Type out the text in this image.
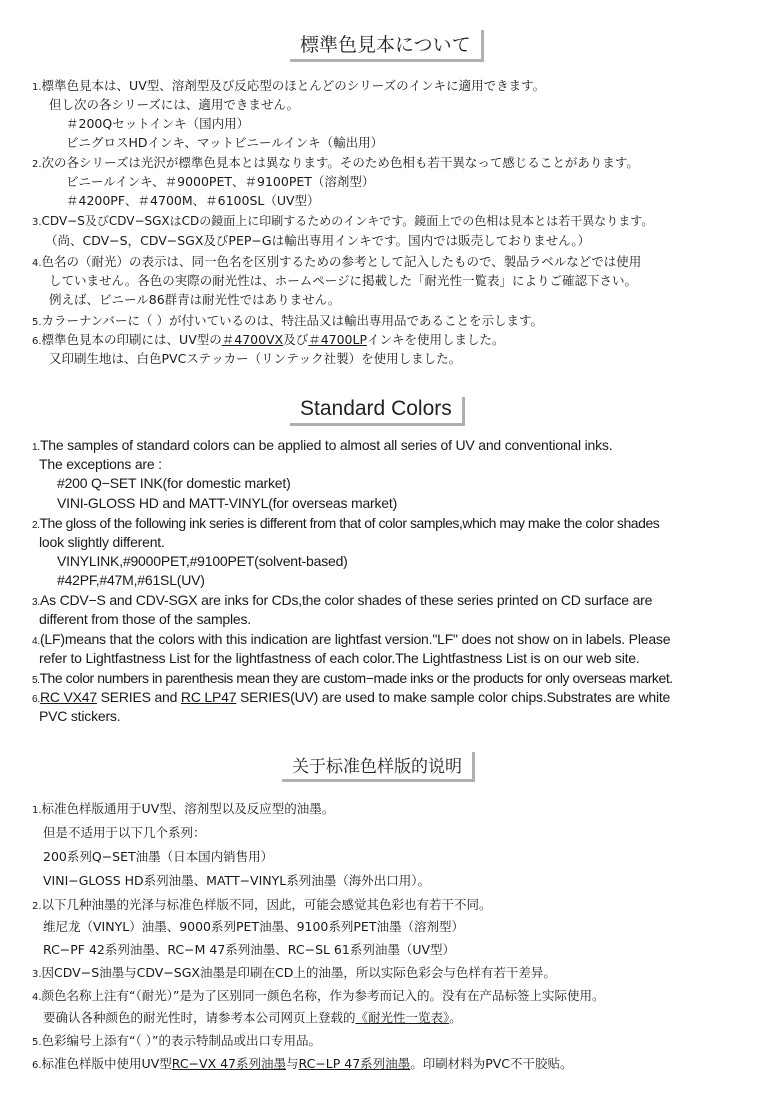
標準色見本について
1.標準色見本は、UV型、溶剤型及び反応型のほとんどのシリーズのインキに適用できます。
但し次の各シリーズには、適用できません。
＃200Qセットインキ（国内用）
ビニグロスHDインキ、マットビニールインキ（輸出用）
2.次の各シリーズは光沢が標準色見本とは異なります。そのため色相も若干異なって感じることがあります。
ビニールインキ、＃9000PET、＃9100PET（溶剤型）
＃4200PF、＃4700M、＃6100SL（UV型）
3.CDV−S及びCDV−SGXはCDの鏡面上に印刷するためのインキです。鏡面上での色相は見本とは若干異なります。
（尚、CDV−S，CDV−SGX及びPEP−Gは輸出専用インキです。国内では販売しておりません。）
4.色名の（耐光）の表示は、同一色名を区別するための参考として記入したもので、製品ラベルなどでは使用
していません。各色の実際の耐光性は、ホームページに掲載した「耐光性一覧表」によりご確認下さい。
例えば、ビニール86群青は耐光性ではありません。
5.カラーナンバーに（ ）が付いているのは、特注品又は輸出専用品であることを示します。
6.標準色見本の印刷には、UV型の＃4700VX及び＃4700LPインキを使用しました。
又印刷生地は、白色PVCステッカー（リンテック社製）を使用しました。
Standard Colors
1.The samples of standard colors can be applied to almost all series of UV and conventional inks.
The exceptions are :
#200 Q−SET INK(for domestic market)
VINI-GLOSS HD and MATT-VINYL(for overseas market)
2.The gloss of the following ink series is different from that of color samples,which may make the color shades
look slightly different.
VINYLINK,#9000PET,#9100PET(solvent-based)
#42PF,#47M,#61SL(UV)
3.As CDV−S and CDV-SGX are inks for CDs,the color shades of these series printed on CD surface are
different from those of the samples.
4.(LF)means that the colors with this indication are lightfast version."LF" does not show on in labels. Please
refer to Lightfastness List for the lightfastness of each color.The Lightfastness List is on our web site.
5.The color numbers in parenthesis mean they are custom−made inks or the products for only overseas market.
6.RC VX47 SERIES and RC LP47 SERIES(UV) are used to make sample color chips.Substrates are white
PVC stickers.
关于标准色样版的说明
1.标准色样版通用于UV型、溶剂型以及反应型的油墨。
但是不适用于以下几个系列：
200系列Q−SET油墨（日本国内销售用）
VINI−GLOSS HD系列油墨、MATT−VINYL系列油墨（海外出口用）。
2.以下几种油墨的光泽与标准色样版不同，因此，可能会感觉其色彩也有若干不同。
维尼龙（VINYL）油墨、9000系列PET油墨、9100系列PET油墨（溶剂型）
RC−PF 42系列油墨、RC−M 47系列油墨、RC−SL 61系列油墨（UV型）
3.因CDV−S油墨与CDV−SGX油墨是印刷在CD上的油墨，所以实际色彩会与色样有若干差异。
4.颜色名称上注有“（耐光）”是为了区别同一颜色名称，作为参考而记入的。没有在产品标签上实际使用。
要确认各种颜色的耐光性时，请参考本公司网页上登载的《耐光性一览表》。
5.色彩编号上添有“（ ）”的表示特制品或出口专用品。
6.标准色样版中使用UV型RC−VX 47系列油墨与RC−LP 47系列油墨。印刷材料为PVC不干胶贴。
